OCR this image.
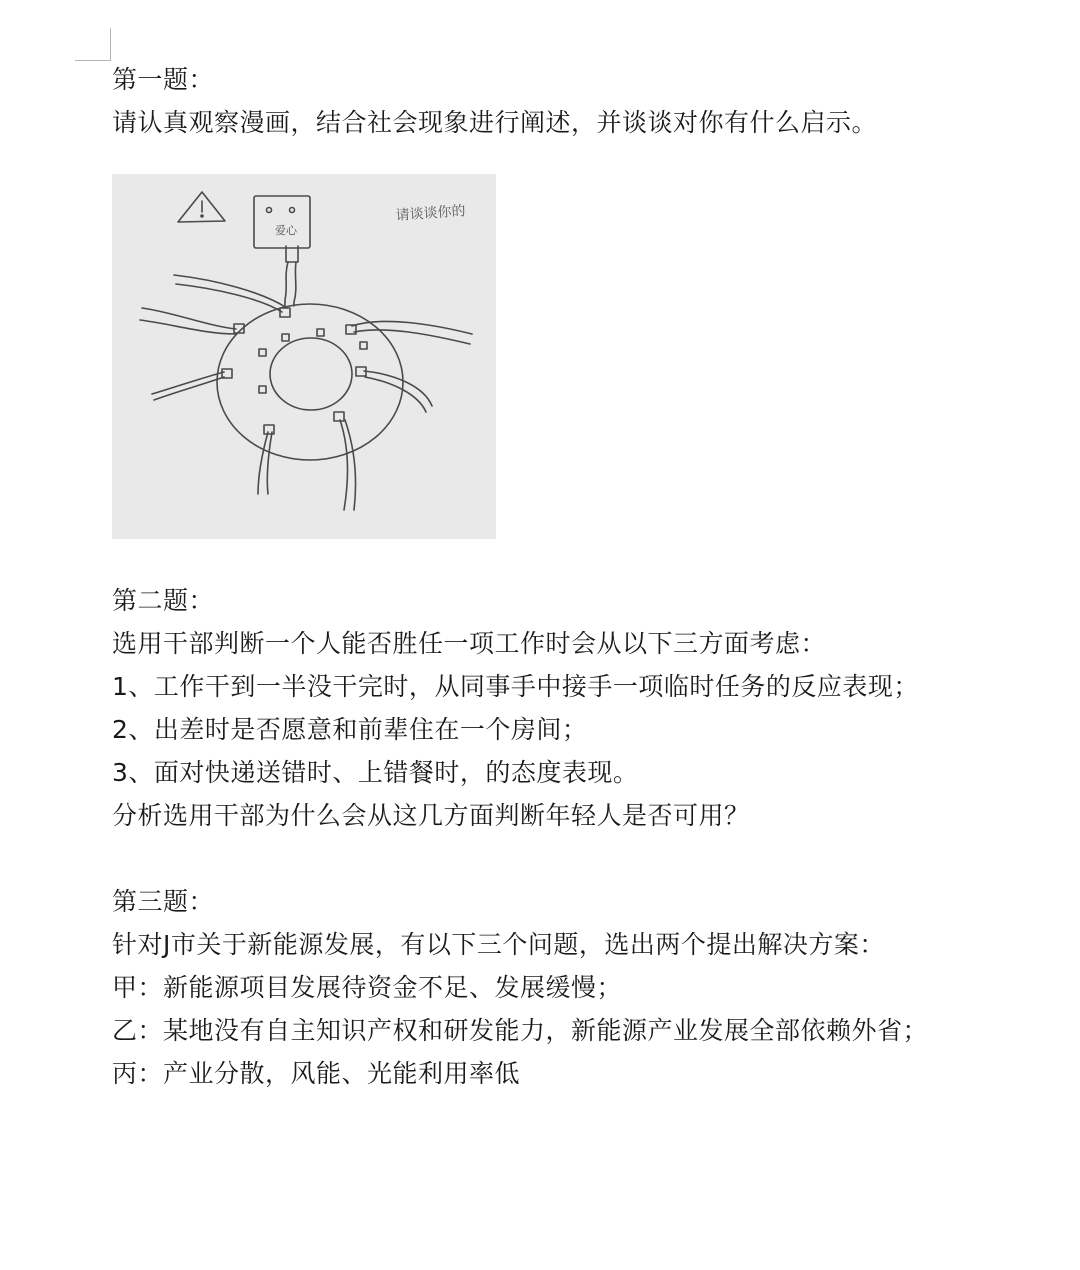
第一题：
请认真观察漫画，结合社会现象进行阐述，并谈谈对你有什么启示。
爱心
请谈谈你的
第二题：
选用干部判断一个人能否胜任一项工作时会从以下三方面考虑：
1、工作干到一半没干完时，从同事手中接手一项临时任务的反应表现；
2、出差时是否愿意和前辈住在一个房间；
3、面对快递送错时、上错餐时，的态度表现。
分析选用干部为什么会从这几方面判断年轻人是否可用？
第三题：
针对J市关于新能源发展，有以下三个问题，选出两个提出解决方案：
甲：新能源项目发展待资金不足、发展缓慢；
乙：某地没有自主知识产权和研发能力，新能源产业发展全部依赖外省；
丙：产业分散，风能、光能利用率低
